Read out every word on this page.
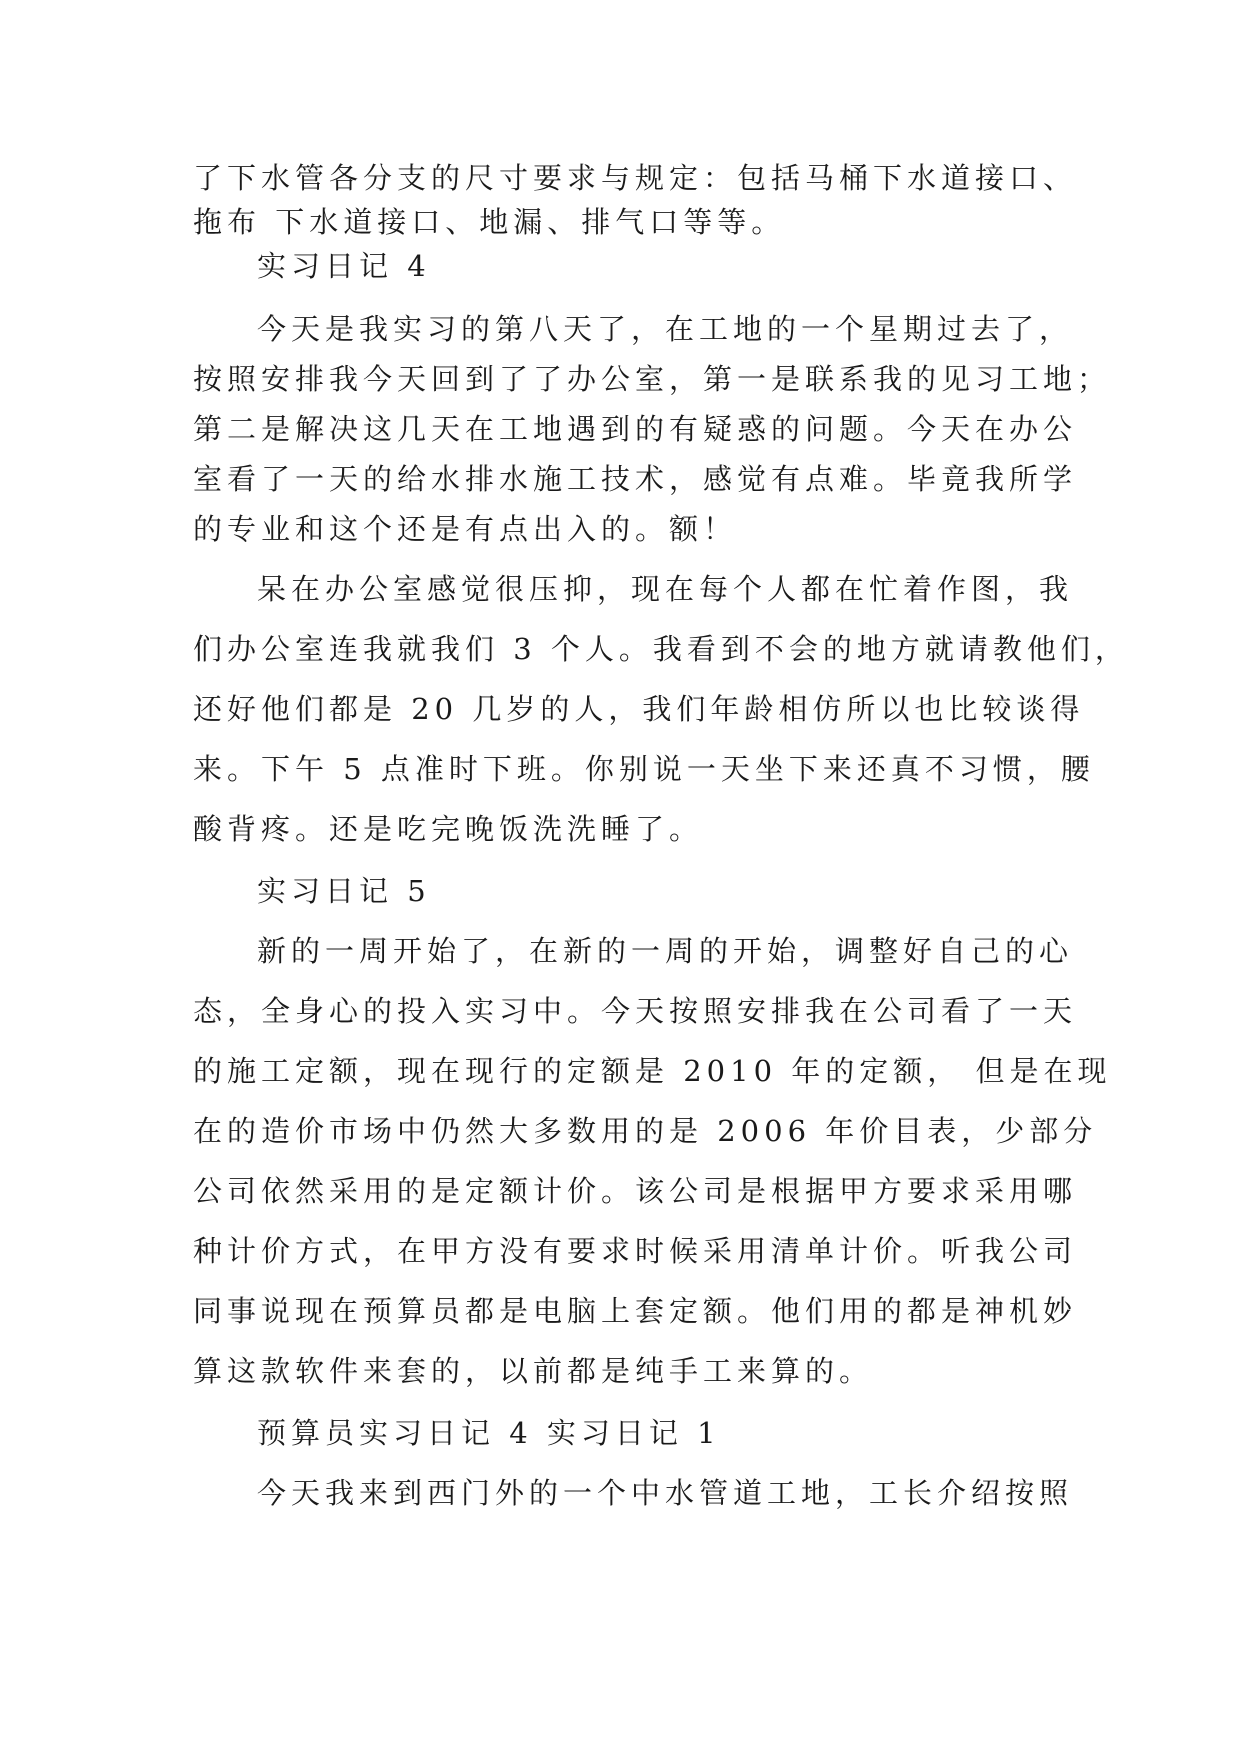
了下水管各分支的尺寸要求与规定：包括马桶下水道接口、
拖布 下水道接口、地漏、排气口等等。
实习日记 4
今天是我实习的第八天了，在工地的一个星期过去了，
按照安排我今天回到了了办公室，第一是联系我的见习工地；
第二是解决这几天在工地遇到的有疑惑的问题。今天在办公
室看了一天的给水排水施工技术，感觉有点难。毕竟我所学
的专业和这个还是有点出入的。额！
呆在办公室感觉很压抑，现在每个人都在忙着作图，我
们办公室连我就我们 3 个人。我看到不会的地方就请教他们，
还好他们都是 20 几岁的人，我们年龄相仿所以也比较谈得
来。下午 5 点准时下班。你别说一天坐下来还真不习惯，腰
酸背疼。还是吃完晚饭洗洗睡了。
实习日记 5
新的一周开始了，在新的一周的开始，调整好自己的心
态，全身心的投入实习中。今天按照安排我在公司看了一天
的施工定额，现在现行的定额是 2010 年的定额， 但是在现
在的造价市场中仍然大多数用的是 2006 年价目表，少部分
公司依然采用的是定额计价。该公司是根据甲方要求采用哪
种计价方式，在甲方没有要求时候采用清单计价。听我公司
同事说现在预算员都是电脑上套定额。他们用的都是神机妙
算这款软件来套的，以前都是纯手工来算的。
预算员实习日记 4 实习日记 1
今天我来到西门外的一个中水管道工地，工长介绍按照
